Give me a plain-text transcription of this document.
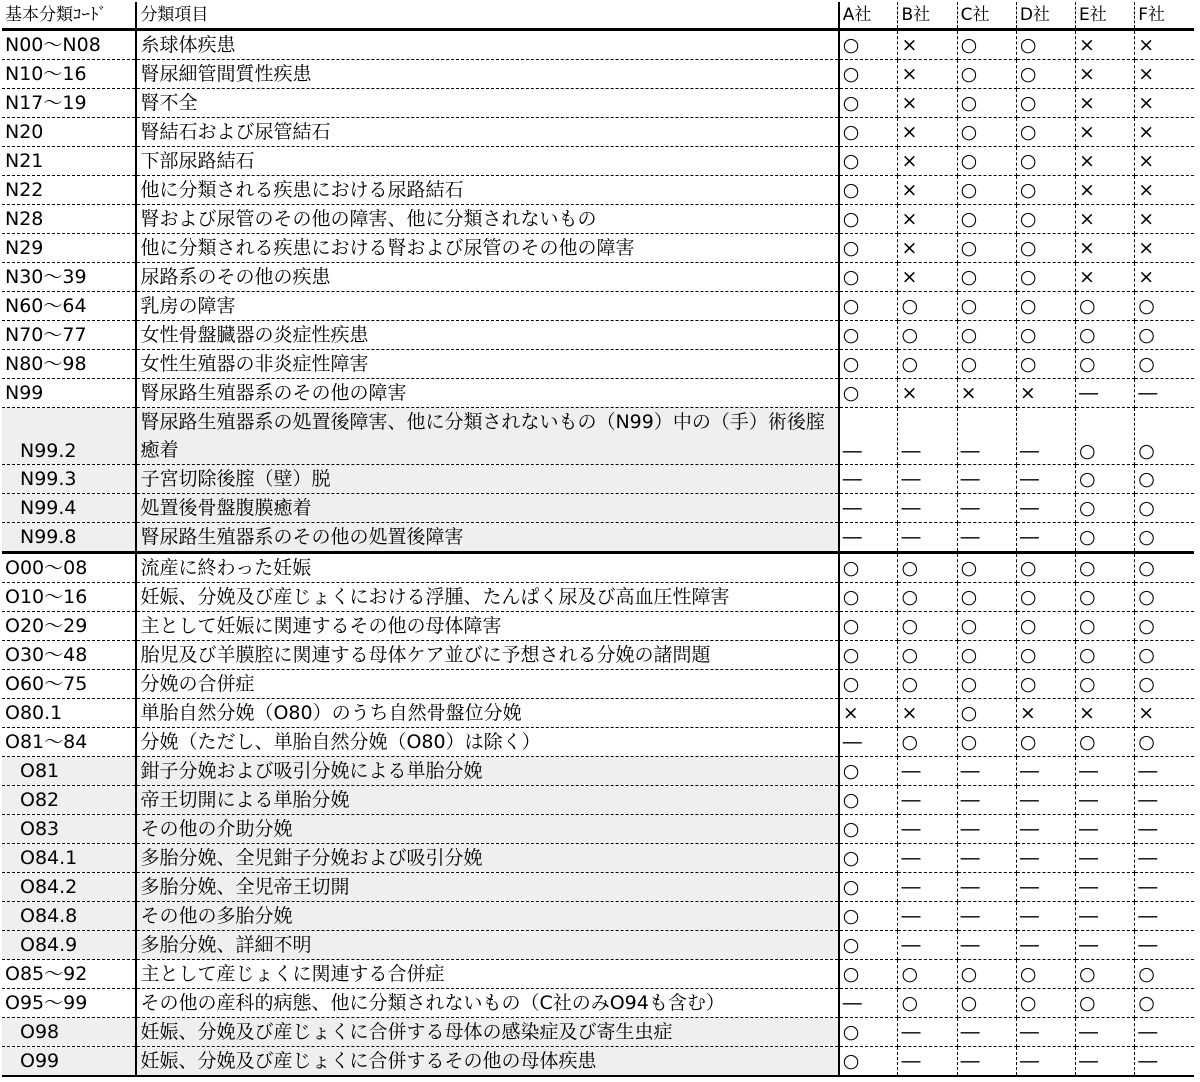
基本分類ｺｰﾄﾞ	分類項目	A社	B社	C社	D社	E社	F社
N00～N08	糸球体疾患	○	×	○	○	×	×
N10～16	腎尿細管間質性疾患	○	×	○	○	×	×
N17～19	腎不全	○	×	○	○	×	×
N20	腎結石および尿管結石	○	×	○	○	×	×
N21	下部尿路結石	○	×	○	○	×	×
N22	他に分類される疾患における尿路結石	○	×	○	○	×	×
N28	腎および尿管のその他の障害、他に分類されないもの	○	×	○	○	×	×
N29	他に分類される疾患における腎および尿管のその他の障害	○	×	○	○	×	×
N30～39	尿路系のその他の疾患	○	×	○	○	×	×
N60～64	乳房の障害	○	○	○	○	○	○
N70～77	女性骨盤臓器の炎症性疾患	○	○	○	○	○	○
N80～98	女性生殖器の非炎症性障害	○	○	○	○	○	○
N99	腎尿路生殖器系のその他の障害	○	×	×	×	―	―
N99.2	腎尿路生殖器系の処置後障害、他に分類されないもの（N99）中の（手）術後腟癒着	―	―	―	―	○	○
N99.3	子宮切除後腟（壁）脱	―	―	―	―	○	○
N99.4	処置後骨盤腹膜癒着	―	―	―	―	○	○
N99.8	腎尿路生殖器系のその他の処置後障害	―	―	―	―	○	○
O00～08	流産に終わった妊娠	○	○	○	○	○	○
O10～16	妊娠、分娩及び産じょくにおける浮腫、たんぱく尿及び高血圧性障害	○	○	○	○	○	○
O20～29	主として妊娠に関連するその他の母体障害	○	○	○	○	○	○
O30～48	胎児及び羊膜腔に関連する母体ケア並びに予想される分娩の諸問題	○	○	○	○	○	○
O60～75	分娩の合併症	○	○	○	○	○	○
O80.1	単胎自然分娩（O80）のうち自然骨盤位分娩	×	×	○	×	×	×
O81～84	分娩（ただし、単胎自然分娩（O80）は除く）	―	○	○	○	○	○
O81	鉗子分娩および吸引分娩による単胎分娩	○	―	―	―	―	―
O82	帝王切開による単胎分娩	○	―	―	―	―	―
O83	その他の介助分娩	○	―	―	―	―	―
O84.1	多胎分娩、全児鉗子分娩および吸引分娩	○	―	―	―	―	―
O84.2	多胎分娩、全児帝王切開	○	―	―	―	―	―
O84.8	その他の多胎分娩	○	―	―	―	―	―
O84.9	多胎分娩、詳細不明	○	―	―	―	―	―
O85～92	主として産じょくに関連する合併症	○	○	○	○	○	○
O95～99	その他の産科的病態、他に分類されないもの（C社のみO94も含む）	―	○	○	○	○	○
O98	妊娠、分娩及び産じょくに合併する母体の感染症及び寄生虫症	○	―	―	―	―	―
O99	妊娠、分娩及び産じょくに合併するその他の母体疾患	○	―	―	―	―	―
